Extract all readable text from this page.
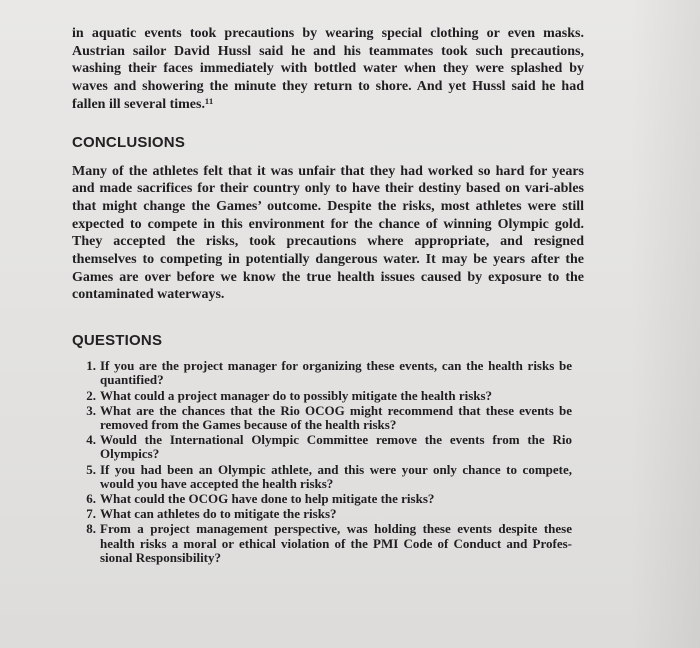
in aquatic events took precautions by wearing special clothing or even masks. Austrian sailor David Hussl said he and his teammates took such precautions, washing their faces immediately with bottled water when they were splashed by waves and showering the minute they return to shore. And yet Hussl said he had fallen ill several times.¹¹

CONCLUSIONS

Many of the athletes felt that it was unfair that they had worked so hard for years and made sacrifices for their country only to have their destiny based on vari-ables that might change the Games’ outcome. Despite the risks, most athletes were still expected to compete in this environment for the chance of winning Olympic gold. They accepted the risks, took precautions where appropriate, and resigned themselves to competing in potentially dangerous water. It may be years after the Games are over before we know the true health issues caused by exposure to the contaminated waterways.

QUESTIONS
1. If you are the project manager for organizing these events, can the health risks be quantified?
2. What could a project manager do to possibly mitigate the health risks?
3. What are the chances that the Rio OCOG might recommend that these events be removed from the Games because of the health risks?
4. Would the International Olympic Committee remove the events from the Rio Olympics?
5. If you had been an Olympic athlete, and this were your only chance to compete, would you have accepted the health risks?
6. What could the OCOG have done to help mitigate the risks?
7. What can athletes do to mitigate the risks?
8. From a project management perspective, was holding these events despite these health risks a moral or ethical violation of the PMI Code of Conduct and Profes-sional Responsibility?
